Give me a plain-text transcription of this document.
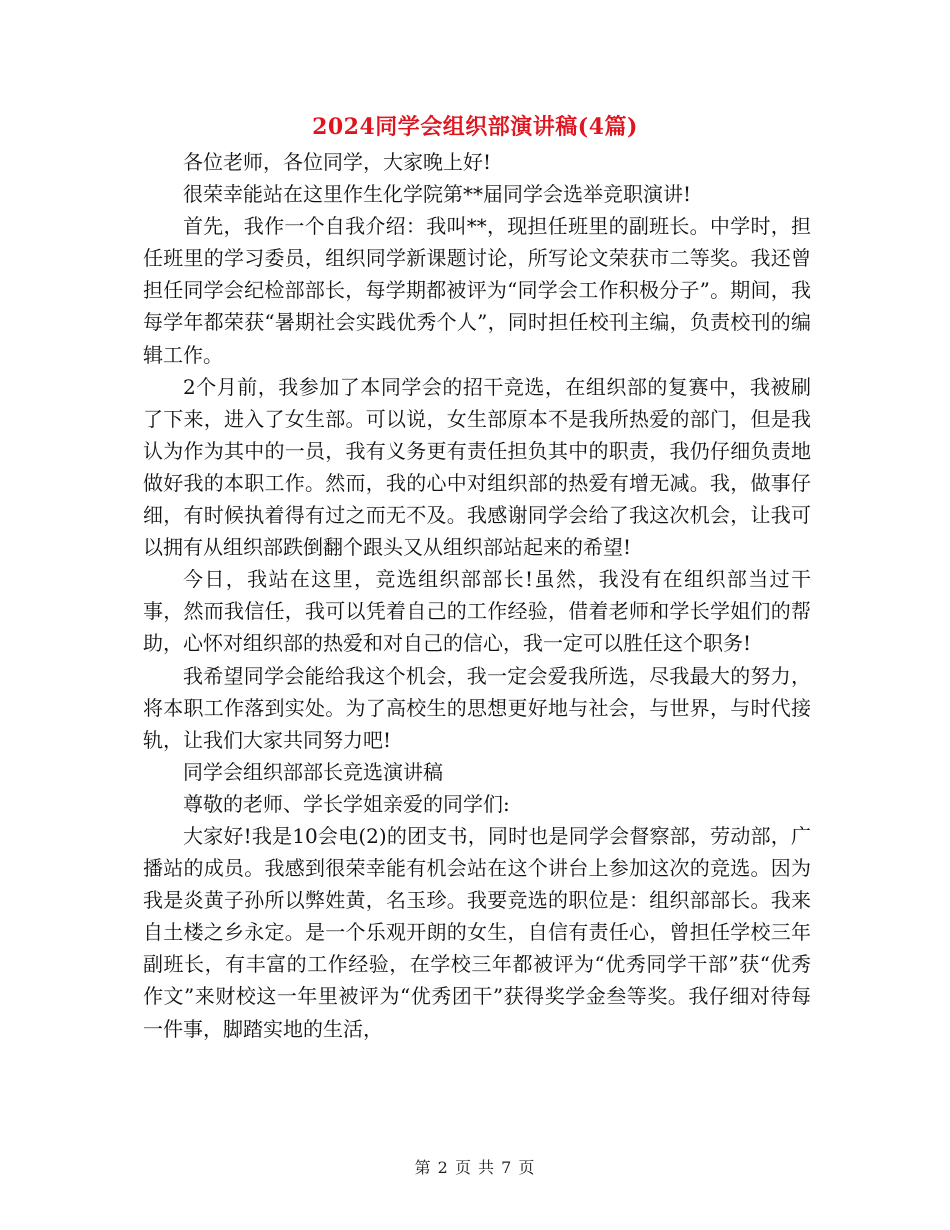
2024同学会组织部演讲稿(4篇)

各位老师，各位同学，大家晚上好!

很荣幸能站在这里作生化学院第**届同学会选举竞职演讲!

首先，我作一个自我介绍：我叫**，现担任班里的副班长。中学时，担任班里的学习委员，组织同学新课题讨论，所写论文荣获市二等奖。我还曾担任同学会纪检部部长，每学期都被评为“同学会工作积极分子”。期间，我每学年都荣获“暑期社会实践优秀个人”，同时担任校刊主编，负责校刊的编辑工作。

2个月前，我参加了本同学会的招干竞选，在组织部的复赛中，我被刷了下来，进入了女生部。可以说，女生部原本不是我所热爱的部门，但是我认为作为其中的一员，我有义务更有责任担负其中的职责，我仍仔细负责地做好我的本职工作。然而，我的心中对组织部的热爱有增无减。我，做事仔细，有时候执着得有过之而无不及。我感谢同学会给了我这次机会，让我可以拥有从组织部跌倒翻个跟头又从组织部站起来的希望!

今日，我站在这里，竞选组织部部长!虽然，我没有在组织部当过干事，然而我信任，我可以凭着自己的工作经验，借着老师和学长学姐们的帮助，心怀对组织部的热爱和对自己的信心，我一定可以胜任这个职务!

我希望同学会能给我这个机会，我一定会爱我所选，尽我最大的努力，将本职工作落到实处。为了高校生的思想更好地与社会，与世界，与时代接轨，让我们大家共同努力吧!

同学会组织部部长竞选演讲稿

尊敬的老师、学长学姐亲爱的同学们:

大家好!我是10会电(2)的团支书，同时也是同学会督察部，劳动部，广播站的成员。我感到很荣幸能有机会站在这个讲台上参加这次的竞选。因为我是炎黄子孙所以弊姓黄，名玉珍。我要竞选的职位是：组织部部长。我来自土楼之乡永定。是一个乐观开朗的女生，自信有责任心，曾担任学校三年副班长，有丰富的工作经验，在学校三年都被评为“优秀同学干部”获“优秀作文”来财校这一年里被评为“优秀团干”获得奖学金叁等奖。我仔细对待每一件事，脚踏实地的生活，

第 2 页 共 7 页
